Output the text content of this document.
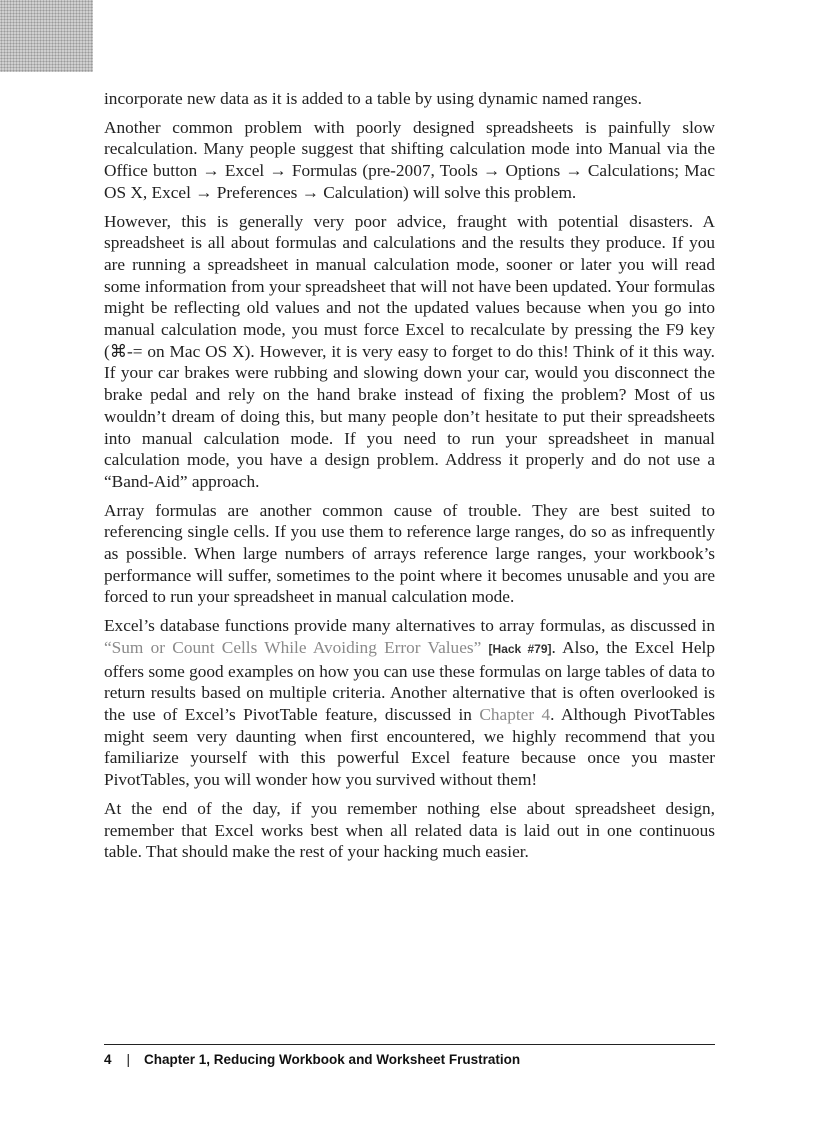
incorporate new data as it is added to a table by using dynamic named ranges.

Another common problem with poorly designed spreadsheets is painfully slow recalculation. Many people suggest that shifting calculation mode into Manual via the Office button → Excel → Formulas (pre-2007, Tools → Options → Calculations; Mac OS X, Excel → Preferences → Calculation) will solve this problem.

However, this is generally very poor advice, fraught with potential disasters. A spreadsheet is all about formulas and calculations and the results they produce. If you are running a spreadsheet in manual calculation mode, sooner or later you will read some information from your spreadsheet that will not have been updated. Your formulas might be reflecting old values and not the updated values because when you go into manual calculation mode, you must force Excel to recalculate by pressing the F9 key (⌘-= on Mac OS X). However, it is very easy to forget to do this! Think of it this way. If your car brakes were rubbing and slowing down your car, would you disconnect the brake pedal and rely on the hand brake instead of fixing the problem? Most of us wouldn’t dream of doing this, but many people don’t hesitate to put their spreadsheets into manual calculation mode. If you need to run your spreadsheet in manual calculation mode, you have a design problem. Address it properly and do not use a “Band-Aid” approach.

Array formulas are another common cause of trouble. They are best suited to referencing single cells. If you use them to reference large ranges, do so as infrequently as possible. When large numbers of arrays reference large ranges, your workbook’s performance will suffer, sometimes to the point where it becomes unusable and you are forced to run your spreadsheet in manual calculation mode.

Excel’s database functions provide many alternatives to array formulas, as discussed in “Sum or Count Cells While Avoiding Error Values” [Hack #79]. Also, the Excel Help offers some good examples on how you can use these formulas on large tables of data to return results based on multiple criteria. Another alternative that is often overlooked is the use of Excel’s PivotTable feature, discussed in Chapter 4. Although PivotTables might seem very daunting when first encountered, we highly recommend that you familiarize yourself with this powerful Excel feature because once you master PivotTables, you will wonder how you survived without them!

At the end of the day, if you remember nothing else about spreadsheet design, remember that Excel works best when all related data is laid out in one continuous table. That should make the rest of your hacking much easier.

4 | Chapter 1, Reducing Workbook and Worksheet Frustration
